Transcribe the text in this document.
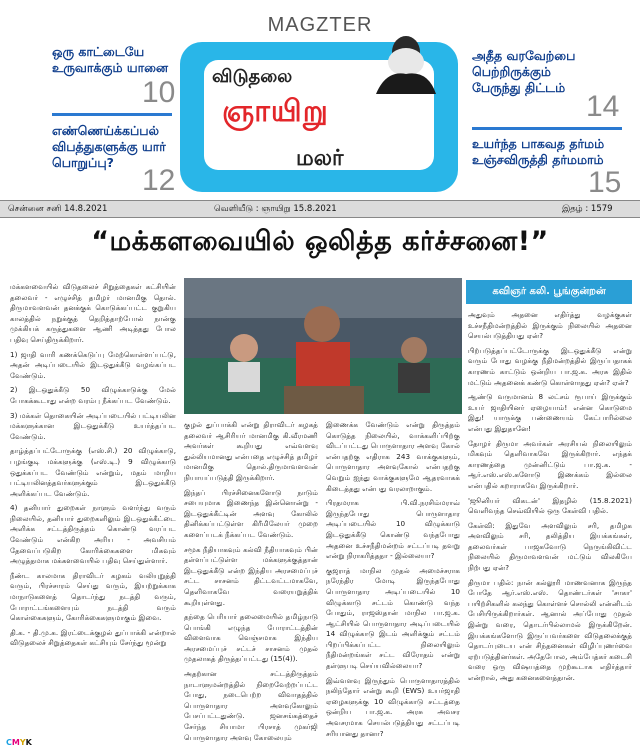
MAGZTER
ஒரு காட்டையே உருவாக்கும் யானை
10
எண்ணெய்க்கப்பல் விபத்துகளுக்கு யார் பொறுப்பு?
12
அதீத வரவேற்பை பெற்றிருக்கும் பேருந்து திட்டம்
14
உயர்ந்த பாகவத தர்மம் உஞ்சவிருத்தி தர்மமாம்
15
விடுதலை
ஞாயிறு
மலர்
சென்னை சனி 14.8.2021	வெளியீடு : ஞாயிறு 15.8.2021	இதழ் : 1579
“மக்களவையில் ஒலித்த கர்ச்சனை!”
கவிஞர் கலி. பூங்குன்றன்

மக்களவையில் விடுதலைச் சிறுத்தைகள் கட்சியின் தலைவர் - எழுச்சித் தமிழர் மானமிகு தொல். திருமாவளவன் தனக்குக் கொடுக்கப்பட்ட குறுகிய காலத்தில் நறுக்குத் தெறித்தாற்போல் நான்கு முக்கியக் கருத்துகளை ஆணி அடித்தது போல பதிவு செய்திருக்கிறார்.

1) ஜாதி வாரி கணக்கெடுப்பு மேற்கொள்ளப்பட்டு, அதன் அடிப்படையில் இடஒதுக்கீடு வழங்கப்பட வேண்டும்.

2) இடஒதுக்கீடு 50 விழுக்காடுக்கு மேல் போகக்கூடாது என்ற வரம்பு நீக்கப்பட வேண்டும்.

3) மக்கள் தொகையின் அடிப்படையில் பட்டியலின மக்களுக்கான இடஒதுக்கீடு உயர்த்தப்பட வேண்டும்.

தாழ்த்தப்பட்டோருக்கு (எஸ்.சி.) 20 விழுக்காடு, பழங்குடி மக்களுக்கு (எஸ்.டி.) 9 விழுக்காடு ஒதுக்கப்பட வேண்டும் என்றும், மதம் மாறிய பட்டியலினத்தவர்களுக்கும் இடஒதுக்கீடு அளிக்கப்பட வேண்டும்.

4) தனியார் துறைகள் நாளும் வளர்ந்து வரும் நிலையில், தனியார் துறைகளிலும் இடஒதுக்கீட்டை அளிக்க சட்டத்திருத்தம் கொண்டு வரப்பட வேண்டும் என்கிற அரிய - அவசியம் தேவைப்படுகிற கோரிக்கைகளை மிகவும் அழுத்தமாக மக்களவையில் பதிவு செய்துள்ளார்.

நீண்ட காலமாக திராவிடர் கழகம் வலியுறுத்தி வரும், பிரச்சாரம் செய்து வரும், இயற்றுக்காக மாநாடுகளைத் தொடர்ந்து நடத்தி வரும், போராட்டங்களையும் நடத்தி வரும் கொள்கைகளும், கோரிக்கைகளுமாகும் இவை.

தி.க. - தி.மு.க. இரட்டைக்குழல் துப்பாக்கி என்றால் விடுதலைச் சிறுத்தைகள் கட்சியும் சேர்ந்து மூன்று

குழல் துப்பாக்கி என்று திராவிடர் கழகத் தலைவர் ஆசிரியர் மானமிகு கி.வீரமணி அவர்கள் கூறியது எவ்வளவு துல்லியமானது என்பதை எழுச்சித் தமிழர் மானமிகு தொல்.திருமாவளவன் நியாயப்படுத்தி இருக்கிறார்.

இந்தப் பிரச்சினைகளோடு நாடும் சபையுமாக இணைந்த இன்னொன்று - இடஒதுக்கீட்டின் அளவு கோலில் தினிக்கப்பட்டுள்ள கிரீமிலேயர் முறை களைப்படக் நீக்கப்பட வேண்டும்.

சமூக நீதியாகவும் கல்வி நீதியாகவும் பின் தள்ளப்பட்டுள்ள மக்களுக்குத்தான் இடஒதுக்கீடு என்ற இந்திய அரசமைப்புச் சட்ட சாசனம் திட்டவட்டமாகவே, தெளிவாகவே வரையறுத்திக் கூறியுள்ளது.

தந்தை பெரியார் தலைமையில் தமிழ்நாடு பொங்கி எழுந்த போராட்டத்தின் விளைவாக வெஞ்சமாக இந்திய அரசமைப்புச் சட்டச் சாசனம் முதல் முதலாகத் திருத்தப்பட்டது (15(4)).

அதற்கான சட்டத்திருத்தம் நாடாளுமன்றத்தில் நிறைவேற்றப்பட்ட போது, நடைபெற்ற விவாதத்தில் பொருளாதார அளவுகோலும் பேசப்பட்டதுண்டு. ஜனசங்கத்தைச் சேர்ந்த சியாமா பிரசாத் முகர்ஜி பொருளாதார அளவு கோலையும்

இணைக்க வேண்டும் என்று திருத்தம் கொடுத்த நிலையில், வாக்களிப்பிற்கு விடப்பட்டது பொருளாதார அளவு கோல் என்பதற்கு எதிராக 243 வாக்குகளும், பொருளாதார அளவுகோல் என்பதற்கு வெறும் ஐந்து வாக்குகளுமே ஆதரவாகக் கிடைத்தது என்பது வரலாறாகும்.

பிரதமராக பி.வி.நரசிம்மராவ் இருந்தபோது பொருளாதார அடிப்படையில் 10 விழுக்காடு இடஒதுக்கீடு கொண்டு வந்தபோது அதனை உச்சநீதிமன்றம் சட்டப்படி தவறு என்று நிராகரித்ததா - இல்லையா?

குஜராத் மாநில முதல் அமைச்சராக நரேந்திர மோடி இருந்தபோது பொருளாதார அடிப்படையில் 10 விழுக்காடு சட்டம் கொண்டு வந்த போதும், ராஜஸ்தான் மாநில பா.ஜ.க. ஆட்சியில் பொருளாதார அடிப்படையில் 14 விழுக்காடு இடம் அளிக்கும் சட்டம் பிறப்பிக்கப்பட்ட நிலையிலும் நீதிமன்றங்கள் சட்ட விரோதம் என்று தள்ளுபடி செய்யவில்லையா?

இவ்வளவு இருந்தும் பொருளாதாரத்தில் நலிந்தோர் என்று கூறி (EWS) உயர்ஜாதி ஏழைகளுக்கு 10 விழுக்காடு சட்டத்தை ஒன்றிய பா.ஜ.க. அரசு அவசர அவசரமாக செயல்படுத்தியது சட்டப்படி சரியானது தானா?

அதுவும் அதனை எதிர்த்து வழக்குகள் உச்சநீதிமன்றத்தில் இருக்கும் நிலையில் அதனை செயல்படுத்தியது ஏன்?

பிற்படுத்தப்பட்டோருக்கு இடஒதுக்கீடு என்று வரும் போது வழக்கு நீதிமன்றத்தில் இருப்பதாகக் காரணம் காட்டும் ஒன்றிய பா.ஜ.க. அரசு இதில் மட்டும் அதனைக் கண்டு கொள்ளாதது ஏன்? ஏன்?

ஆண்டு வருமானம் 8 லட்சம் ரூபாய் இருக்கும் உயர் ஜாதியினர் ஏழையாம்! என்ன கொடுமை இது! யாருக்கு பண்ணையம் கேட்பாரில்லை என்பது இதுதானே!

தோழர் திருமா அவர்கள் அரசியல் நிலையிலும் மிகவும் தெளிவாகவே இருக்கிறார். எந்தக் காரணத்தை முன்னிட்டும் பா.ஜ.க. - ஆர்.எஸ்.எஸ்.களோடு இணக்கம் இல்லை என்பதில் கறாராகவே இருக்கிறார்.

'ஜூனியர் விகடன்' இதழில் (15.8.2021) வெளிவந்த செவ்வியில் ஒரு கேள்வி பதில்.

கேள்வி: இதுவே அளவிலும் சரி, தமிழக அளவிலும் சரி, தலித்திய இயக்கங்கள், தலைவர்கள் பாஜகவோடு நெருங்கிவிட்ட நிலையில் திருமாவளவன் மட்டும் விலகியே நிற்பது ஏன்?

திருமா பதில்: நான் கல்லூரி மாணவனாக இருந்த போதே ஆர்.எஸ்.எஸ். தொண்டர்கள் 'சாகா' பயிற்சிகளில் கலந்து கொள்ளச் சொல்லி என்னிடம் பேசியிருக்கிறார்கள். ஆனால் அப்போது முதல் இன்று வரை, தொடர்பில்லாமல் இருக்கிறேன். இயக்கங்களோடு இருப்பவர்களை விடுதலைக்குத் தொடர்புடைய என் சிந்தனைகள் விழிப்புணர்வை ஏற்படுத்தினர்கள். அதேபோல, அம்பேத்கர் கடைசி வரை ஒரு விஷயத்தை முற்கூடாக எதிர்த்தார் என்றால், அது கனைகளைத்தான்.

CMYK
